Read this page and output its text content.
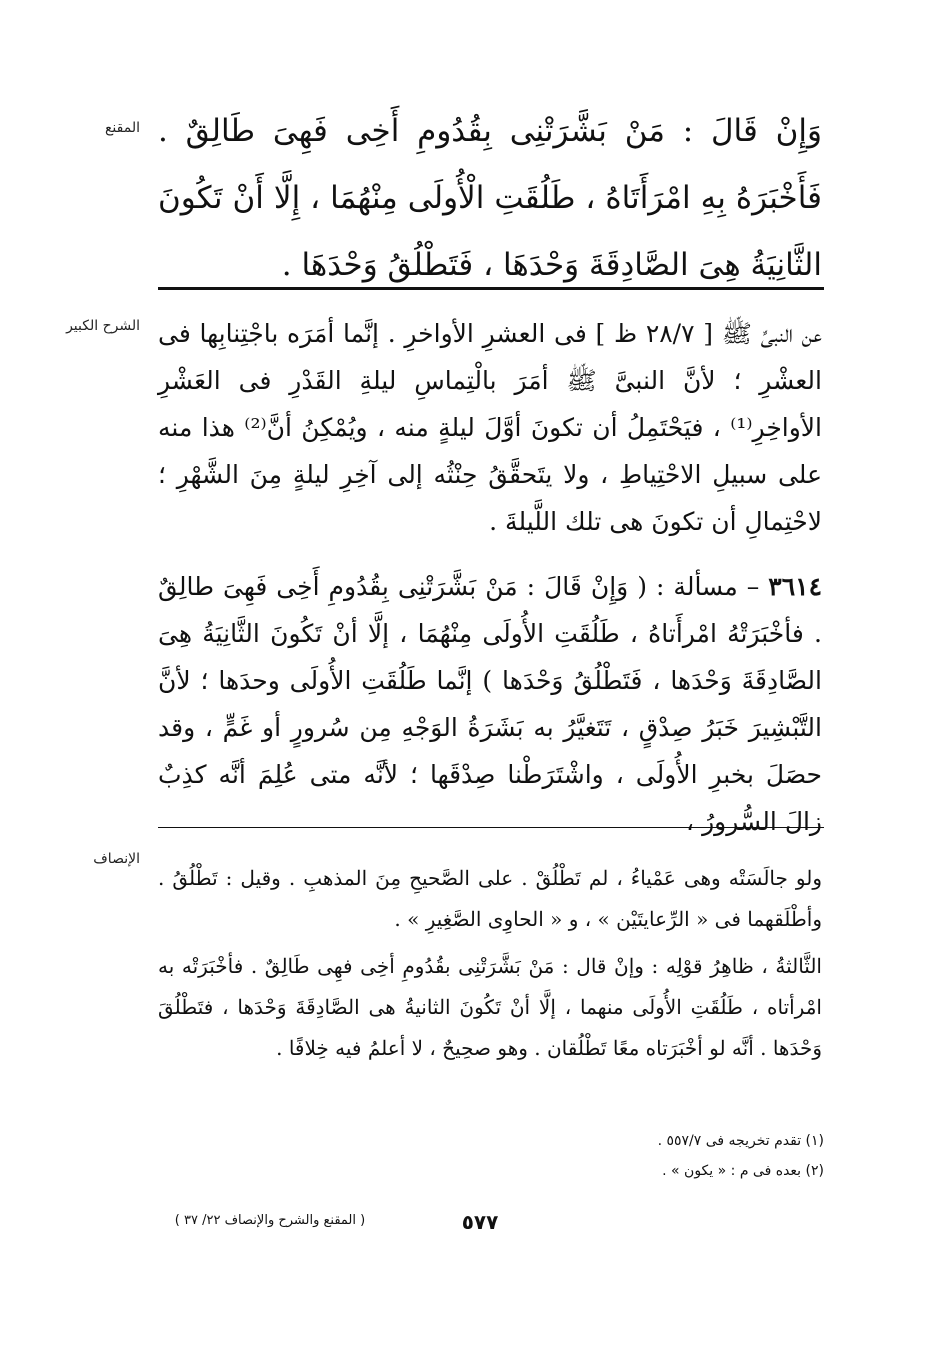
المقنع
الشرح الكبير
الإنصاف

وَإِنْ قَالَ : مَنْ بَشَّرَتْنِى بِقُدُومِ أَخِى فَهِىَ طَالِقٌ . فَأَخْبَرَهُ بِهِ امْرَأَتَاهُ ، طَلُقَتِ الْأُولَى مِنْهُمَا ، إِلَّا أَنْ تَكُونَ الثَّانِيَةُ هِىَ الصَّادِقَةَ وَحْدَهَا ، فَتَطْلُقُ وَحْدَهَا .

عن النبىِّ ﷺ [ ٢٨/٧ ظ ] فى العشرِ الأواخرِ . إنَّما أمَرَه باجْتِنابِها فى العشْرِ ؛ لأنَّ النبىَّ ﷺ أمَرَ بالْتِماسِ ليلةِ القَدْرِ فى العَشْرِ الأواخِرِ⁽¹⁾ ، فيَحْتَمِلُ أن تكونَ أوَّلَ ليلةٍ منه ، ويُمْكِنُ أنَّ⁽²⁾ هذا منه على سبيلِ الاحْتِياطِ ، ولا يتَحقَّقُ حِنْثُه إلى آخِرِ ليلةٍ مِنَ الشَّهْرِ ؛ لاحْتِمالِ أن تكونَ هى تلك اللَّيلةَ .

٣٦١٤ – مسألة : ( وَإِنْ قَالَ : مَنْ بَشَّرَتْنِى بِقُدُومِ أَخِى فَهِىَ طالِقٌ . فأخْبَرَتْهُ امْرأَتاهُ ، طَلُقَتِ الأُولَى مِنْهُمَا ، إلَّا أنْ تَكُونَ الثَّانِيَةُ هِىَ الصَّادِقَةَ وَحْدَها ، فَتَطْلُقُ وَحْدَها ) إنَّما طَلُقَتِ الأُولَى وحدَها ؛ لأنَّ التَّبْشِيرَ خَبَرُ صِدْقٍ ، تَتَغيَّرُ به بَشَرَةُ الوَجْهِ مِن سُرورٍ أو غَمٍّ ، وقد حصَلَ بخبرِ الأُولَى ، واشْتَرَطْنا صِدْقَها ؛ لأنَّه متى عُلِمَ أنَّه كذِبٌ زالَ السُّرورُ ،

ولو جالَسَتْه وهى عَمْياءُ ، لم تَطْلُقْ . على الصَّحيحِ مِنَ المذهبِ . وقيل : تَطْلُقُ . وأطْلَقهما فى « الرِّعايتَيْن » ، و « الحاوِى الصَّغِيرِ » .

الثَّالثةُ ، ظاهِرُ قوْلِه : وإنْ قال : مَنْ بَشَّرَتْنِى بقُدُومِ أخِى فهِى طَالِقٌ . فأخْبَرَتْه به امْرأتاه ، طَلُقَتِ الأُولَى منهما ، إلَّا أنْ تَكُونَ الثانيةُ هى الصَّادِقَةَ وَحْدَها ، فتَطْلُقَ وَحْدَها . أنَّه لو أخْبَرَتاه معًا تَطْلُقان . وهو صحِيحٌ ، لا أعلمُ فيه خِلافًا .

(١) تقدم تخريجه فى ٥٥٧/٧ .

(٢) بعده فى م : « يكون » .

٥٧٧
( المقنع والشرح والإنصاف ٢٢/ ٣٧ )
